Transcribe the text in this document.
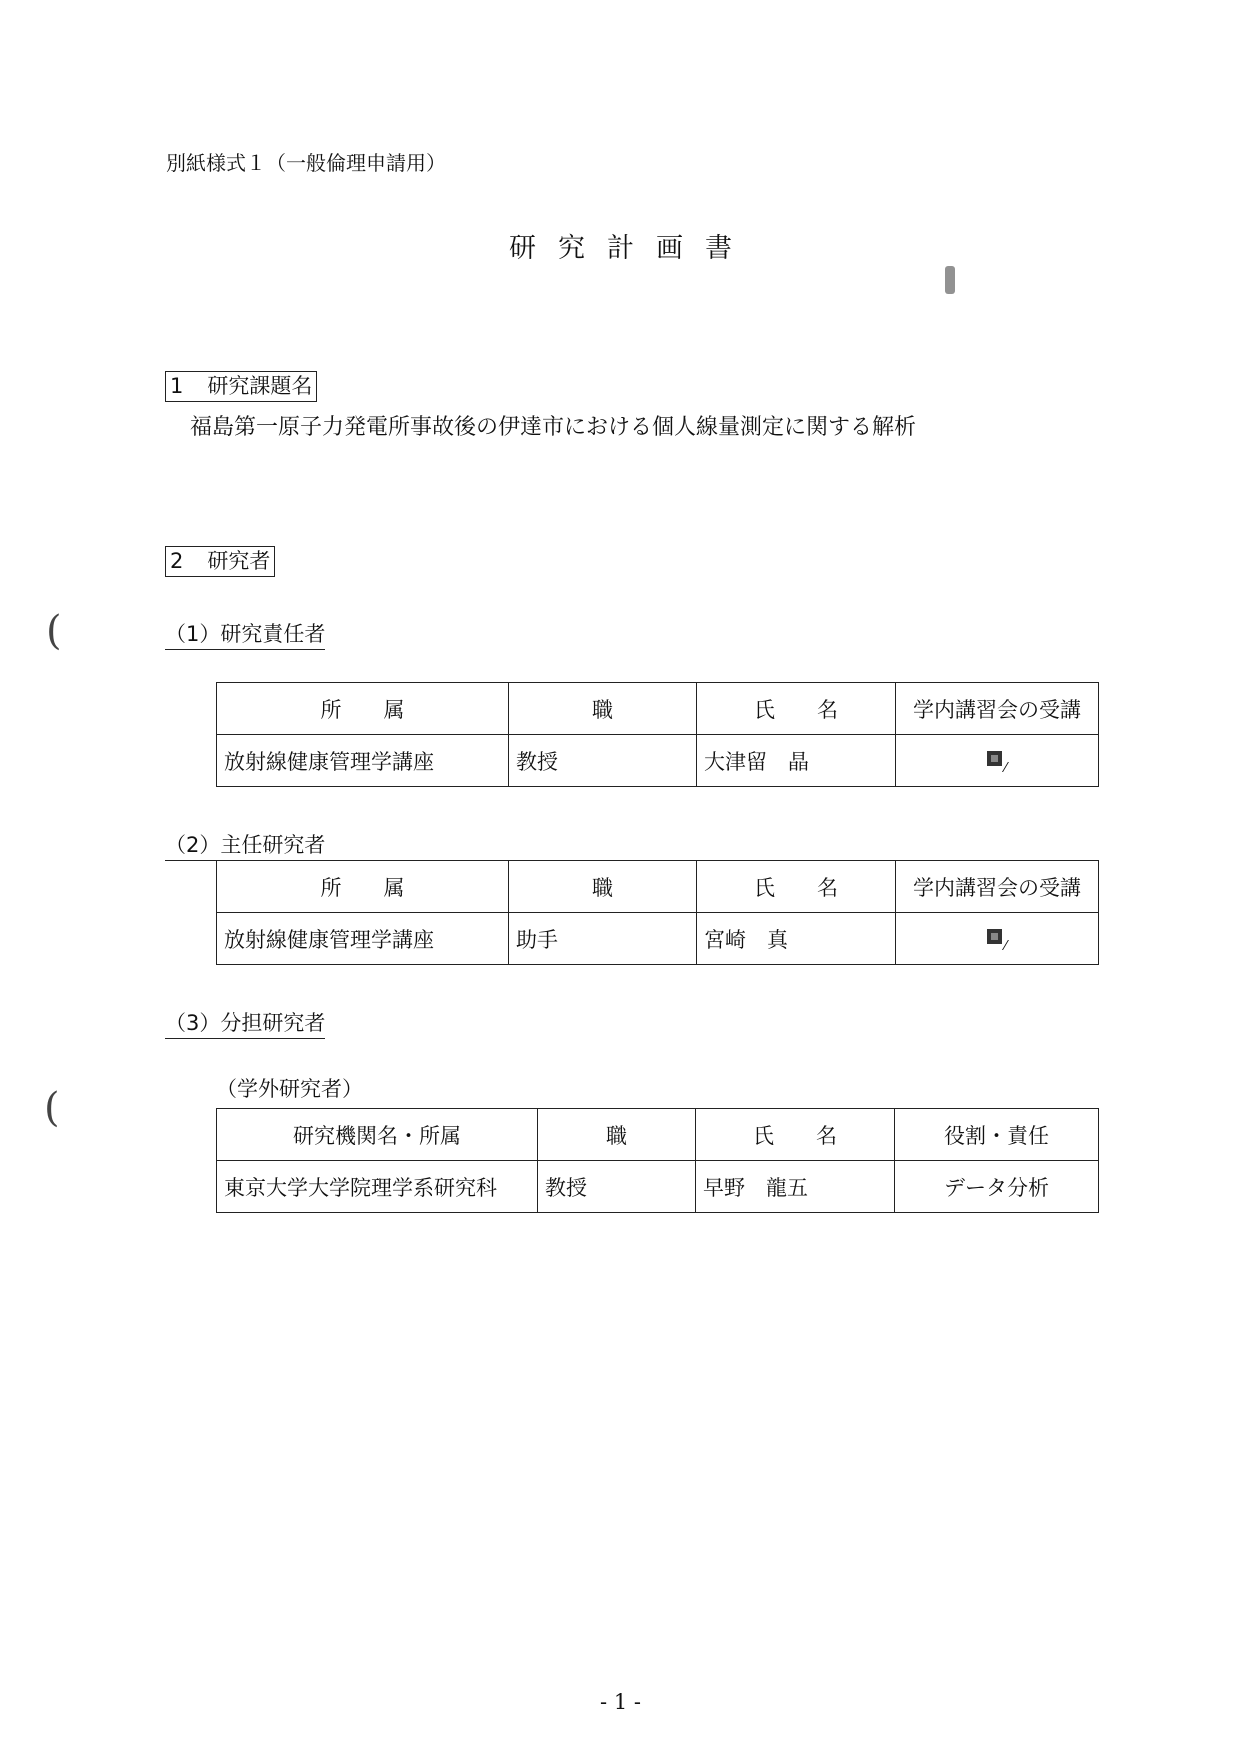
別紙様式１（一般倫理申請用）
研究計画書
1 研究課題名
福島第一原子力発電所事故後の伊達市における個人線量測定に関する解析
2 研究者
(
(
（1）研究責任者
所　　属	職	氏　　名	学内講習会の受講
放射線健康管理学講座	教授	大津留　晶	$_⁄$
（2）主任研究者
所　　属	職	氏　　名	学内講習会の受講
放射線健康管理学講座	助手	宮崎　真	$_⁄$
（3）分担研究者
（学外研究者）
研究機関名・所属	職	氏　　名	役割・責任
東京大学大学院理学系研究科	教授	早野　龍五	データ分析
- 1 -
